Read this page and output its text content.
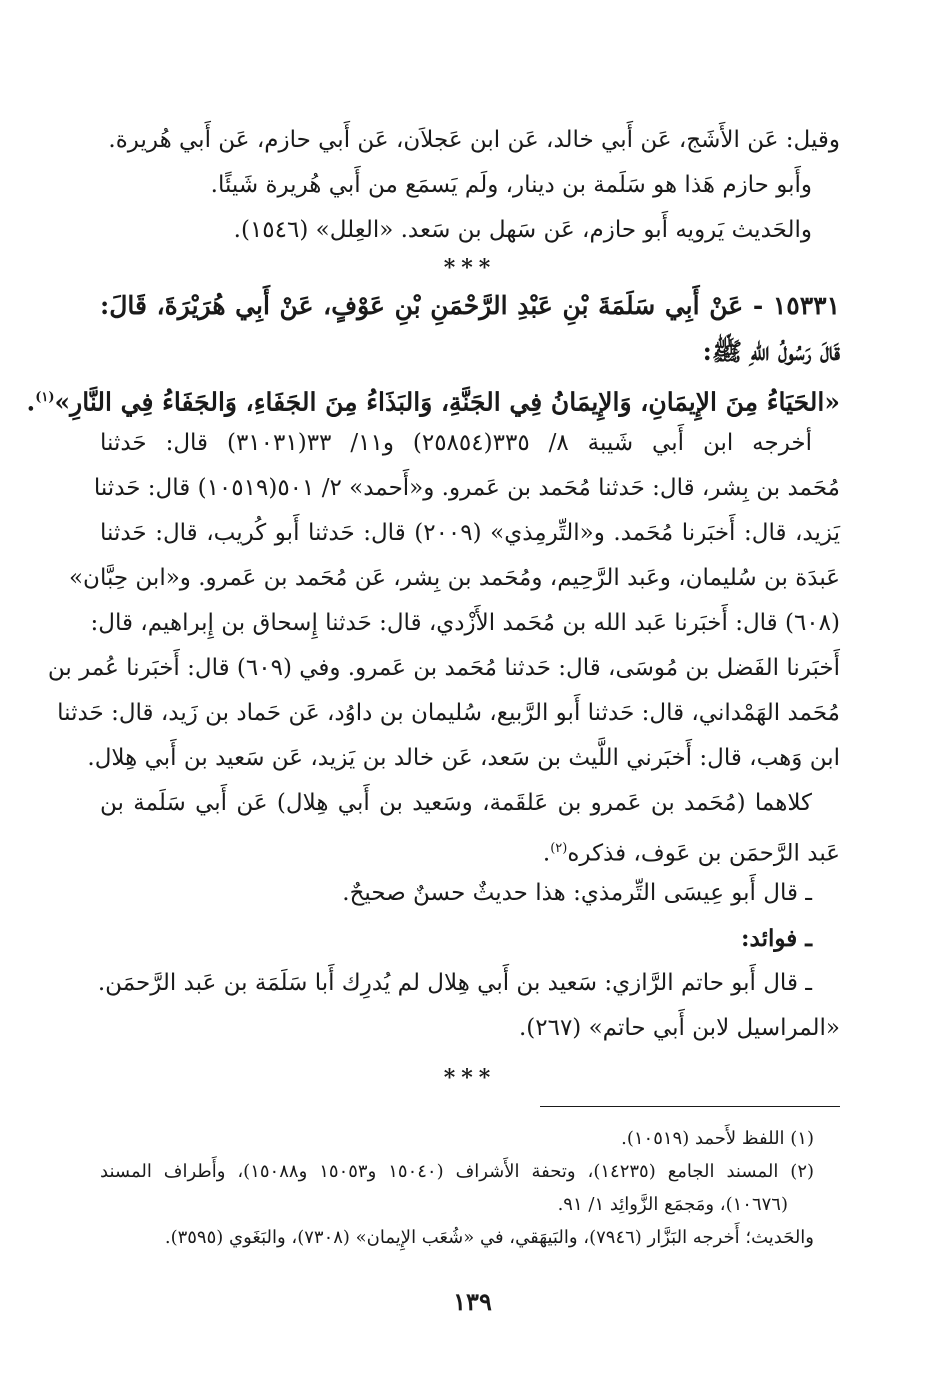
وقيل: عَن الأَشَج، عَن أَبي خالد، عَن ابن عَجلاَن، عَن أَبي حازم، عَن أَبي هُريرة.
وأَبو حازم هَذا هو سَلَمة بن دينار، ولَم يَسمَع من أَبي هُريرة شَيئًا.
والحَديث يَرويه أَبو حازم، عَن سَهل بن سَعد. «العِلل» (١٥٤٦).
***
١٥٣٣١ - عَنْ أَبِي سَلَمَةَ بْنِ عَبْدِ الرَّحْمَنِ بْنِ عَوْفٍ، عَنْ أَبِي هُرَيْرَةَ، قَالَ:
قَالَ رَسُولُ اللهِ ﷺ:
«الحَيَاءُ مِنَ الإِيمَانِ، وَالإِيمَانُ فِي الجَنَّةِ، وَالبَذَاءُ مِنَ الجَفَاءِ، وَالجَفَاءُ فِي النَّارِ»$^{(١)}$.
أخرجه ابن أَبي شَيبة ٨/ ٣٣٥(٢٥٨٥٤) و١١/ ٣٣(٣١٠٣١) قال: حَدثنا
مُحَمد بن بِشر، قال: حَدثنا مُحَمد بن عَمرو. و«أَحمد» ٢/ ٥٠١(١٠٥١٩) قال: حَدثنا
يَزيد، قال: أَخبَرنا مُحَمد. و«التِّرمِذي» (٢٠٠٩) قال: حَدثنا أَبو كُريب، قال: حَدثنا
عَبدَة بن سُليمان، وعَبد الرَّحِيم، ومُحَمد بن بِشر، عَن مُحَمد بن عَمرو. و«ابن حِبَّان»
(٦٠٨) قال: أَخبَرنا عَبد الله بن مُحَمد الأَزْدي، قال: حَدثنا إِسحاق بن إِبراهيم، قال:
أَخبَرنا الفَضل بن مُوسَى، قال: حَدثنا مُحَمد بن عَمرو. وفي (٦٠٩) قال: أَخبَرنا عُمر بن
مُحَمد الهَمْداني، قال: حَدثنا أَبو الرَّبيع، سُليمان بن داوُد، عَن حَماد بن زَيد، قال: حَدثنا
ابن وَهب، قال: أَخبَرني اللَّيث بن سَعد، عَن خالد بن يَزيد، عَن سَعيد بن أَبي هِلال.
كلاهما (مُحَمد بن عَمرو بن عَلقَمة، وسَعيد بن أَبي هِلال) عَن أَبي سَلَمة بن
عَبد الرَّحمَن بن عَوف، فذكره$^{(٢)}$.
ـ قال أَبو عِيسَى التِّرمذي: هذا حديثٌ حسنٌ صحيحٌ.
ـ فوائد:
ـ قال أَبو حاتم الرَّازي: سَعيد بن أَبي هِلال لم يُدرِك أَبا سَلَمَة بن عَبد الرَّحمَن.
«المراسيل لابن أَبي حاتم» (٢٦٧).
***
(١) اللفظ لأَحمد (١٠٥١٩).
(٢) المسند الجامع (١٤٢٣٥)، وتحفة الأَشراف (١٥٠٤٠ و١٥٠٥٣ و١٥٠٨٨)، وأَطراف المسند
(١٠٦٧٦)، ومَجمَع الزَّوائِد ١/ ٩١.
والحَديث؛ أَخرجه البَزَّار (٧٩٤٦)، والبَيهَقي، في «شُعَب الإِيمان» (٧٣٠٨)، والبَغَوي (٣٥٩٥).
١٣٩
